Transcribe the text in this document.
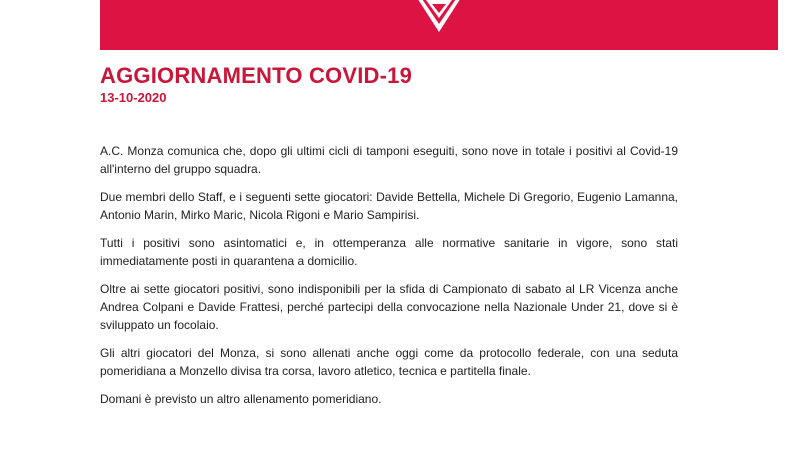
AGGIORNAMENTO COVID-19
13-10-2020

A.C. Monza comunica che, dopo gli ultimi cicli di tamponi eseguiti, sono nove in totale i positivi al Covid-19 all'interno del gruppo squadra.

Due membri dello Staff, e i seguenti sette giocatori: Davide Bettella, Michele Di Gregorio, Eugenio Lamanna, Antonio Marin, Mirko Maric, Nicola Rigoni e Mario Sampirisi.

Tutti i positivi sono asintomatici e, in ottemperanza alle normative sanitarie in vigore, sono stati immediatamente posti in quarantena a domicilio.

Oltre ai sette giocatori positivi, sono indisponibili per la sfida di Campionato di sabato al LR Vicenza anche Andrea Colpani e Davide Frattesi, perché partecipi della convocazione nella Nazionale Under 21, dove si è sviluppato un focolaio.

Gli altri giocatori del Monza, si sono allenati anche oggi come da protocollo federale, con una seduta pomeridiana a Monzello divisa tra corsa, lavoro atletico, tecnica e partitella finale.

Domani è previsto un altro allenamento pomeridiano.
